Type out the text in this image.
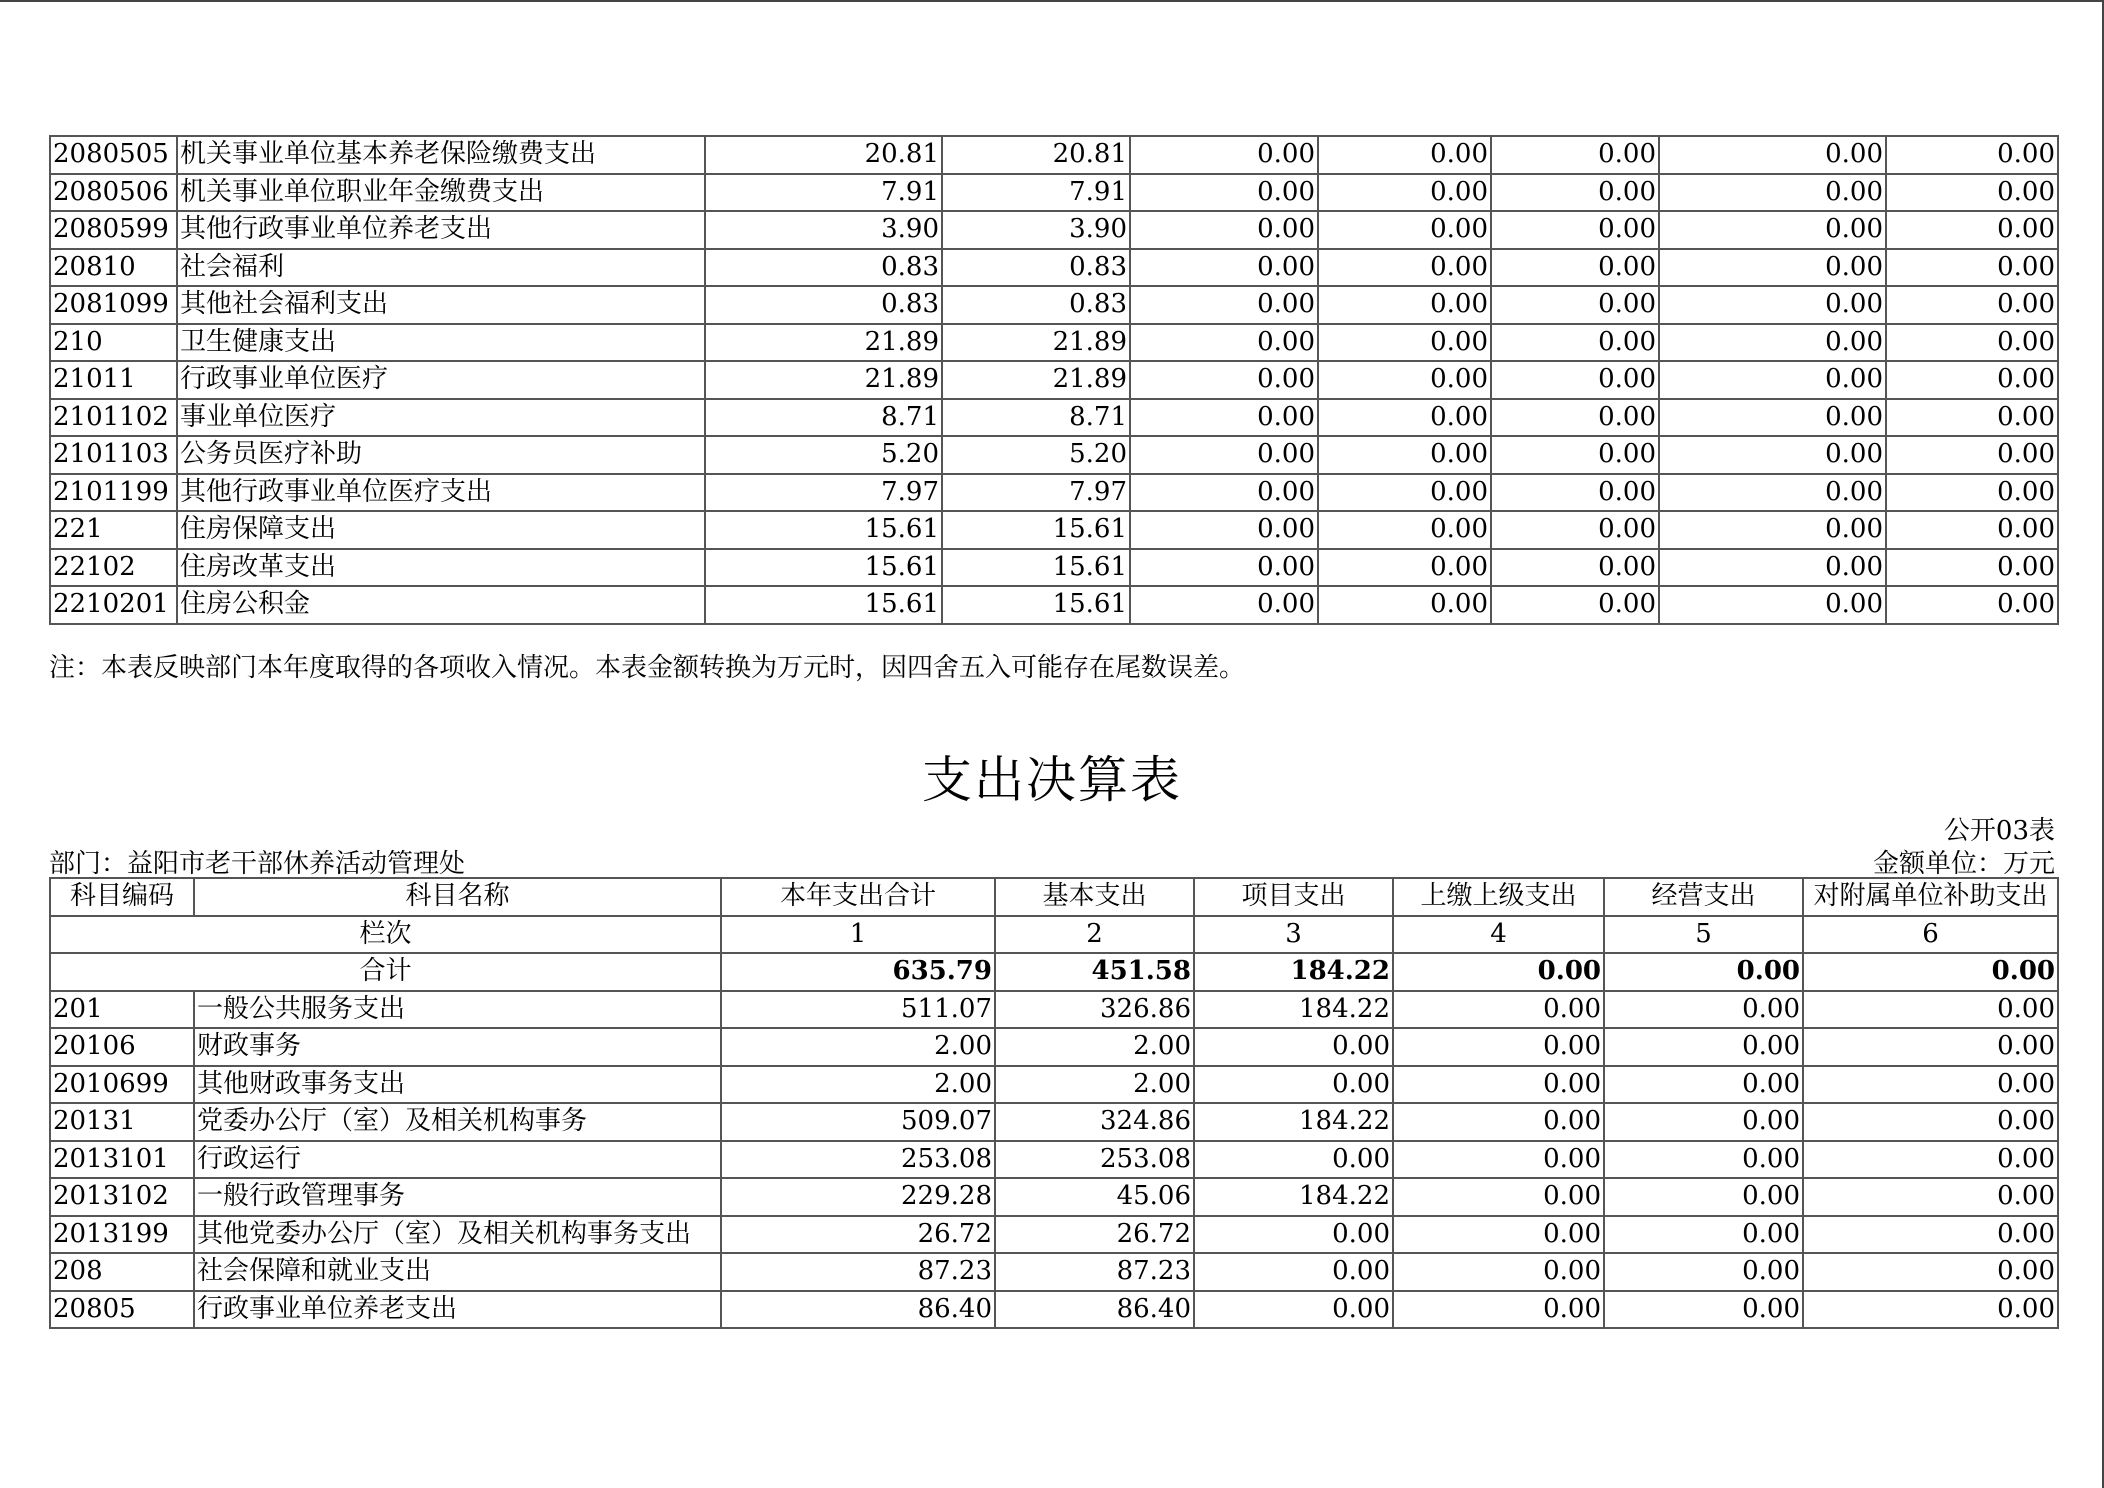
2080505	机关事业单位基本养老保险缴费支出	20.81	20.81	0.00	0.00	0.00	0.00	0.00
2080506	机关事业单位职业年金缴费支出	7.91	7.91	0.00	0.00	0.00	0.00	0.00
2080599	其他行政事业单位养老支出	3.90	3.90	0.00	0.00	0.00	0.00	0.00
20810	社会福利	0.83	0.83	0.00	0.00	0.00	0.00	0.00
2081099	其他社会福利支出	0.83	0.83	0.00	0.00	0.00	0.00	0.00
210	卫生健康支出	21.89	21.89	0.00	0.00	0.00	0.00	0.00
21011	行政事业单位医疗	21.89	21.89	0.00	0.00	0.00	0.00	0.00
2101102	事业单位医疗	8.71	8.71	0.00	0.00	0.00	0.00	0.00
2101103	公务员医疗补助	5.20	5.20	0.00	0.00	0.00	0.00	0.00
2101199	其他行政事业单位医疗支出	7.97	7.97	0.00	0.00	0.00	0.00	0.00
221	住房保障支出	15.61	15.61	0.00	0.00	0.00	0.00	0.00
22102	住房改革支出	15.61	15.61	0.00	0.00	0.00	0.00	0.00
2210201	住房公积金	15.61	15.61	0.00	0.00	0.00	0.00	0.00
注：本表反映部门本年度取得的各项收入情况。本表金额转换为万元时，因四舍五入可能存在尾数误差。
支出决算表
公开03表
部门：益阳市老干部休养活动管理处	金额单位：万元
科目编码	科目名称	本年支出合计	基本支出	项目支出	上缴上级支出	经营支出	对附属单位补助支出
栏次		1	2	3	4	5	6
合计		635.79	451.58	184.22	0.00	0.00	0.00
201	一般公共服务支出	511.07	326.86	184.22	0.00	0.00	0.00
20106	财政事务	2.00	2.00	0.00	0.00	0.00	0.00
2010699	其他财政事务支出	2.00	2.00	0.00	0.00	0.00	0.00
20131	党委办公厅（室）及相关机构事务	509.07	324.86	184.22	0.00	0.00	0.00
2013101	行政运行	253.08	253.08	0.00	0.00	0.00	0.00
2013102	一般行政管理事务	229.28	45.06	184.22	0.00	0.00	0.00
2013199	其他党委办公厅（室）及相关机构事务支出	26.72	26.72	0.00	0.00	0.00	0.00
208	社会保障和就业支出	87.23	87.23	0.00	0.00	0.00	0.00
20805	行政事业单位养老支出	86.40	86.40	0.00	0.00	0.00	0.00
